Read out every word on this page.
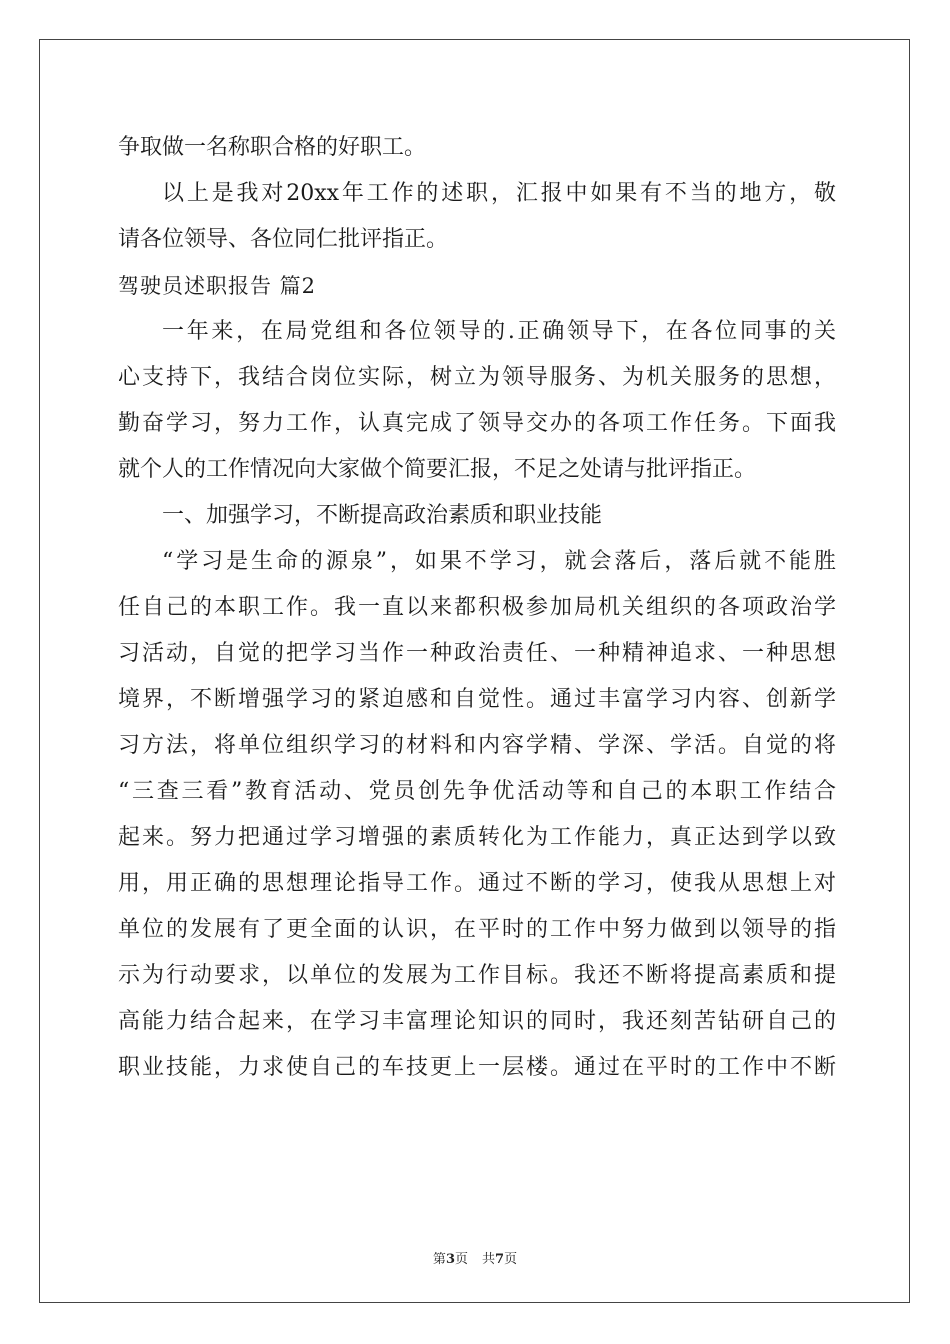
争取做一名称职合格的好职工。
以上是我对20xx年工作的述职，汇报中如果有不当的地方，敬
请各位领导、各位同仁批评指正。
驾驶员述职报告 篇2
一年来，在局党组和各位领导的.正确领导下，在各位同事的关
心支持下，我结合岗位实际，树立为领导服务、为机关服务的思想，
勤奋学习，努力工作，认真完成了领导交办的各项工作任务。下面我
就个人的工作情况向大家做个简要汇报，不足之处请与批评指正。
一、加强学习，不断提高政治素质和职业技能
“学习是生命的源泉”，如果不学习，就会落后，落后就不能胜
任自己的本职工作。我一直以来都积极参加局机关组织的各项政治学
习活动，自觉的把学习当作一种政治责任、一种精神追求、一种思想
境界，不断增强学习的紧迫感和自觉性。通过丰富学习内容、创新学
习方法，将单位组织学习的材料和内容学精、学深、学活。自觉的将
“三查三看”教育活动、党员创先争优活动等和自己的本职工作结合
起来。努力把通过学习增强的素质转化为工作能力，真正达到学以致
用，用正确的思想理论指导工作。通过不断的学习，使我从思想上对
单位的发展有了更全面的认识，在平时的工作中努力做到以领导的指
示为行动要求，以单位的发展为工作目标。我还不断将提高素质和提
高能力结合起来，在学习丰富理论知识的同时，我还刻苦钻研自己的
职业技能，力求使自己的车技更上一层楼。通过在平时的工作中不断
第3页 共7页
